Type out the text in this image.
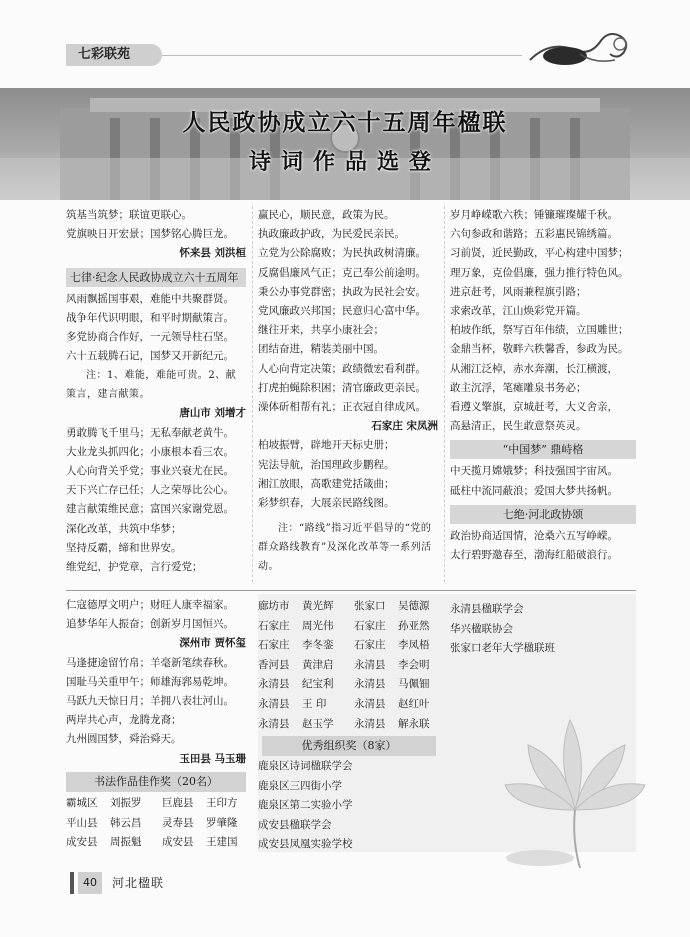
七彩联苑
人民政协成立六十五周年楹联
诗词作品选登

筑基当筑梦；联谊更联心。

党旗映日开宏景；国梦铭心腾巨龙。

怀来县 刘洪桓

七律·纪念人民政协成立六十五周年

风雨飘摇国事艰，难能中共聚群贤。

战争年代识明眼，和平时期献策言。

多党协商合作好，一元领导柱石坚。

六十五载腾石记，国梦又开新纪元。

注：1、难能，难能可贵。2、献策言，建言献策。

唐山市 刘增才

勇敢腾飞千里马；无私奉献老黄牛。

大业龙头抓四化；小康根本看三农。

人心向背关乎党；事业兴衰尤在民。

天下兴亡存已任；人之荣辱比公心。

建言献策维民意；富国兴家谢党恩。

深化改革，共筑中华梦；

坚持反霸，缔和世界安。

维党纪，护党章，言行爱党；

赢民心，顺民意，政策为民。

执政廉政护政，为民爱民亲民。

立党为公除腐败；为民执政树清廉。

反腐倡廉风气正；克己奉公前途明。

秉公办事党群密；执政为民社会安。

党风廉政兴邦国；民意归心富中华。

继往开来，共享小康社会；

团结奋进，精装美丽中国。

人心向背定决策；政绩微宏看利群。

打虎拍蝇除积困；清官廉政更亲民。

澡体斫相帮有礼；正衣冠自律成风。

石家庄 宋凤洲

柏坡振臂，辟地开天标史册；

宪法导航，治国理政步鹏程。

湘江放眼，高歌建党括箴曲；

彩梦织春，大展亲民路线图。

注：“路线”指习近平倡导的“党的群众路线教育”及深化改革等一系列活动。

岁月峥嵘歌六秩；锤镰璀璨耀千秋。

六句参政和谐路；五彩惠民锦绣篇。

习前贤，近民勤政，平心构建中国梦；

理万象，克俭倡廉，强力推行特色风。

进京赶考，风雨兼程旗引路；

求索改革，江山焕彩党开篇。

柏坡作纸，祭写百年伟绩，立国雕世；

金鼎当杯，敬畔六秩馨香，参政为民。

从湘江泛棹，赤水奔潮，长江横渡，

敢主沉浮，笔瘫雕泉书务必；

看遵义擎旗，京城赶考，大义舍亲，

高悬清正，民生敢意祭英灵。

“中国梦” 鼎峙格

中天揽月嫦娥梦；科技强国宇宙风。

砥柱中流同蔽浪；爱国大梦共扬帆。

七绝·河北政协颂

政治协商适国情，沧桑六五写峥嵘。

太行碧野邀春至，渤海红船破浪行。

仁寇德厚文明户；财旺人康幸福家。

追梦华年人振奋；创新岁月国恒兴。

深州市 贾怀玺

马逢捷途留竹帛；羊毫新笔续春秋。

国耻马关重甲午；师雄海郛易乾坤。

马跃九天惊日月；羊拥八表壮河山。

两岸共心声，龙腾龙裔；

九州圆国梦，舜治舜天。

玉田县 马玉珊

书法作品佳作奖（20名）
霸城区	刘振罗	巨鹿县	王印方
平山县	韩云昌	灵寿县	罗肇隆
成安县	周振魁	成安县	王建国
廊坊市	黄光辉	张家口	吴德源
石家庄	周光伟	石家庄	孙亚然
石家庄	李冬銮	石家庄	李凤梧
香河县	黄津启	永清县	李会明
永清县	纪宝利	永清县	马佩钿
永清县	王 印	永清县	赵红叶
永清县	赵玉学	永清县	解永联
优秀组织奖（8家）
鹿泉区诗词楹联学会
鹿泉区三四街小学
鹿泉区第二实验小学
成安县楹联学会
成安县凤凰实验学校
永清县楹联学会
华兴楹联协会
张家口老年大学楹联班
40	河北楹联
